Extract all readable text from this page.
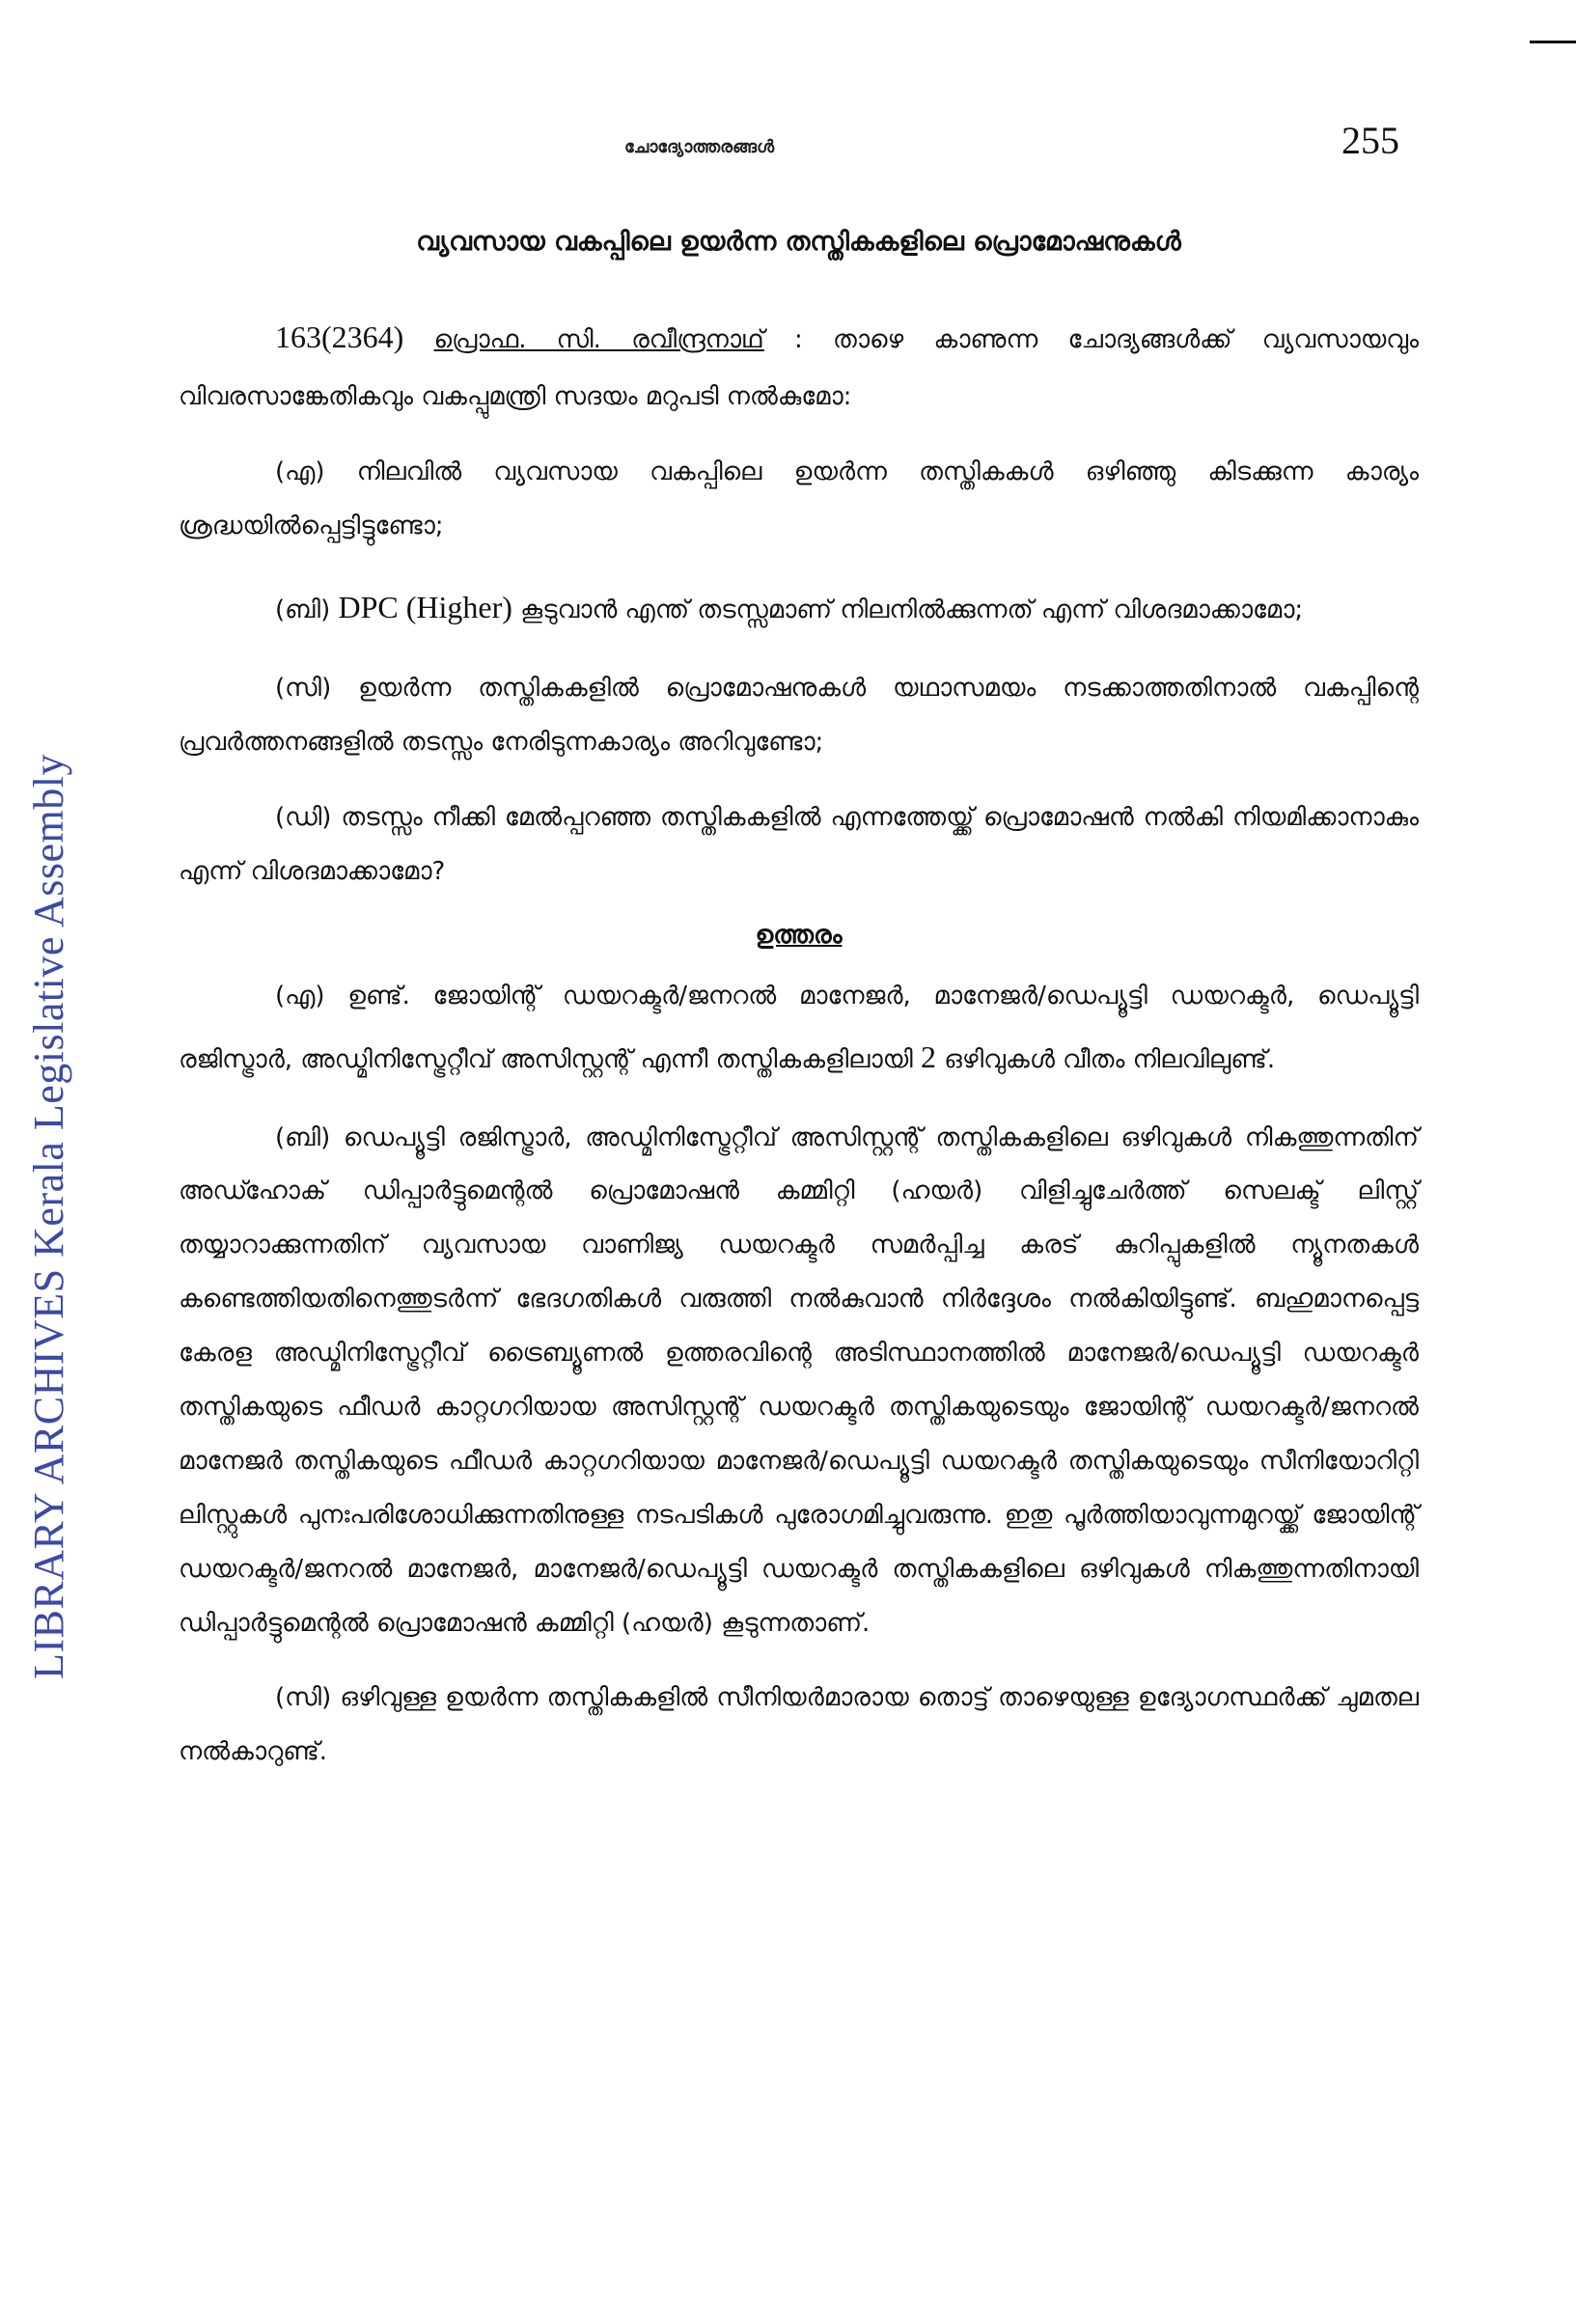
LIBRARY ARCHIVES Kerala Legislative Assembly
ചോദ്യോത്തരങ്ങൾ	255
വ്യവസായ വകപ്പിലെ ഉയർന്ന തസ്തികകളിലെ പ്രൊമോഷനുകൾ

163(2364) പ്രൊഫ. സി. രവീന്ദ്രനാഥ് : താഴെ കാണുന്ന ചോദ്യങ്ങൾക്ക് വ്യവസായവും വിവരസാങ്കേതികവും വകപ്പുമന്ത്രി സദയം മറുപടി നൽകുമോ:

(എ) നിലവിൽ വ്യവസായ വകപ്പിലെ ഉയർന്ന തസ്തികകൾ ഒഴിഞ്ഞു കിടക്കുന്ന കാര്യം ശ്രദ്ധയിൽപ്പെട്ടിട്ടുണ്ടോ;

(ബി) DPC (Higher) കൂടുവാൻ എന്ത് തടസ്സമാണ് നിലനിൽക്കുന്നത് എന്ന് വിശദമാക്കാമോ;

(സി) ഉയർന്ന തസ്തികകളിൽ പ്രൊമോഷനുകൾ യഥാസമയം നടക്കാത്തതിനാൽ വകപ്പിന്റെ പ്രവർത്തനങ്ങളിൽ തടസ്സം നേരിടുന്നകാര്യം അറിവുണ്ടോ;

(ഡി) തടസ്സം നീക്കി മേൽപ്പറഞ്ഞ തസ്തികകളിൽ എന്നത്തേയ്ക്ക് പ്രൊമോഷൻ നൽകി നിയമിക്കാനാകും എന്ന് വിശദമാക്കാമോ?

ഉത്തരം

(എ) ഉണ്ട്. ജോയിന്റ് ഡയറക്ടർ/ജനറൽ മാനേജർ, മാനേജർ/ഡെപ്യൂട്ടി ഡയറക്ടർ, ഡെപ്യൂട്ടി രജിസ്ട്രാർ, അഡ്മിനിസ്ട്രേറ്റീവ് അസിസ്റ്റന്റ് എന്നീ തസ്തികകളിലായി 2 ഒഴിവുകൾ വീതം നിലവിലുണ്ട്.

(ബി) ഡെപ്യൂട്ടി രജിസ്ട്രാർ, അഡ്മിനിസ്ട്രേറ്റീവ് അസിസ്റ്റന്റ് തസ്തികകളിലെ ഒഴിവുകൾ നികത്തുന്നതിന് അഡ്ഹോക് ഡിപ്പാർട്ടുമെന്റൽ പ്രൊമോഷൻ കമ്മിറ്റി (ഹയർ) വിളിച്ചുചേർത്ത് സെലക്ട് ലിസ്റ്റ് തയ്യാറാക്കുന്നതിന് വ്യവസായ വാണിജ്യ ഡയറക്ടർ സമർപ്പിച്ച കരട് കുറിപ്പുകളിൽ ന്യൂനതകൾ കണ്ടെത്തിയതിനെത്തുടർന്ന് ഭേദഗതികൾ വരുത്തി നൽകുവാൻ നിർദ്ദേശം നൽകിയിട്ടുണ്ട്. ബഹുമാനപ്പെട്ട കേരള അഡ്മിനിസ്ട്രേറ്റീവ് ട്രൈബ്യൂണൽ ഉത്തരവിന്റെ അടിസ്ഥാനത്തിൽ മാനേജർ/ഡെപ്യൂട്ടി ഡയറക്ടർ തസ്തികയുടെ ഫീഡർ കാറ്റഗറിയായ അസിസ്റ്റന്റ് ഡയറക്ടർ തസ്തികയുടെയും ജോയിന്റ് ഡയറക്ടർ/ജനറൽ മാനേജർ തസ്തികയുടെ ഫീഡർ കാറ്റഗറിയായ മാനേജർ/ഡെപ്യൂട്ടി ഡയറക്ടർ തസ്തികയുടെയും സീനിയോറിറ്റി ലിസ്റ്റുകൾ പുനഃപരിശോധിക്കുന്നതിനുള്ള നടപടികൾ പുരോഗമിച്ചുവരുന്നു. ഇതു പൂർത്തിയാവുന്നമുറയ്ക്ക് ജോയിന്റ് ഡയറക്ടർ/ജനറൽ മാനേജർ, മാനേജർ/ഡെപ്യൂട്ടി ഡയറക്ടർ തസ്തികകളിലെ ഒഴിവുകൾ നികത്തുന്നതിനായി ഡിപ്പാർട്ടുമെന്റൽ പ്രൊമോഷൻ കമ്മിറ്റി (ഹയർ) കൂടുന്നതാണ്.

(സി) ഒഴിവുള്ള ഉയർന്ന തസ്തികകളിൽ സീനിയർമാരായ തൊട്ട് താഴെയുള്ള ഉദ്യോഗസ്ഥർക്ക് ചുമതല നൽകാറുണ്ട്.
